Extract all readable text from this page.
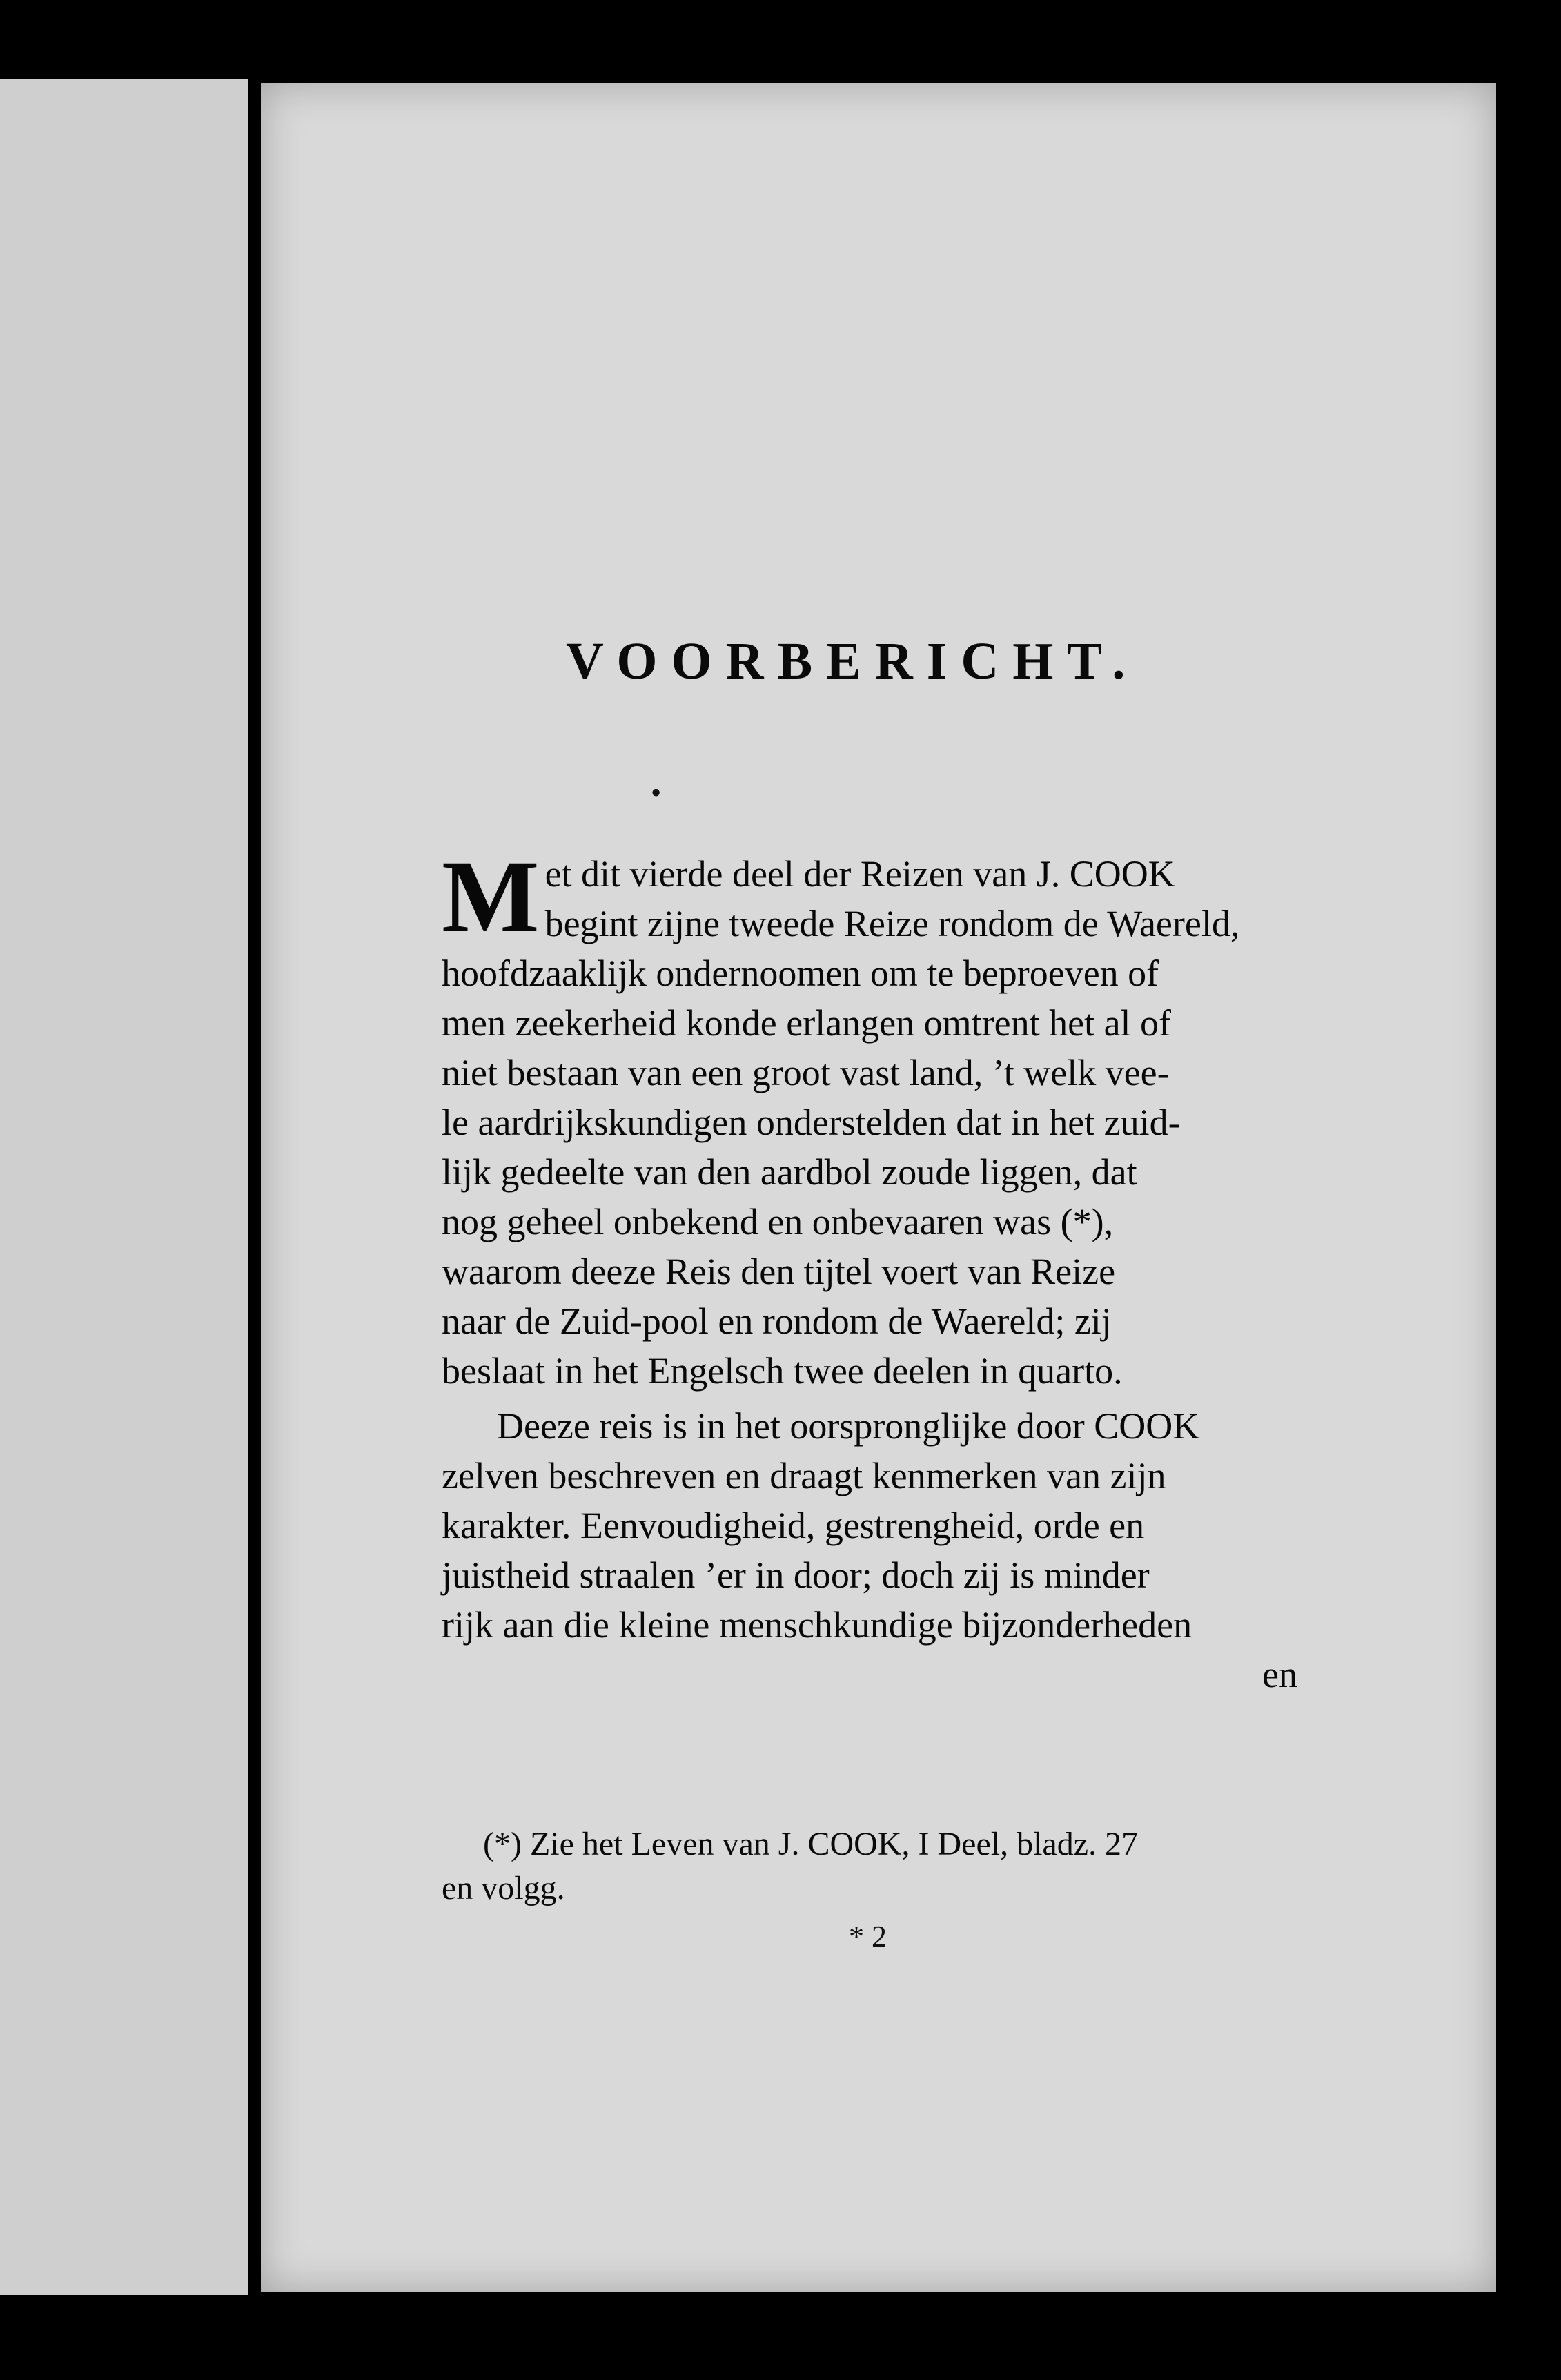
VOORBERICHT.
•

M et dit vierde deel der Reizen van J. COOK
begint zijne tweede Reize rondom de Waereld,
hoofdzaaklijk ondernoomen om te beproeven of
men zeekerheid konde erlangen omtrent het al of
niet bestaan van een groot vast land, ’t welk vee-
le aardrijkskundigen onderstelden dat in het zuid-
lijk gedeelte van den aardbol zoude liggen, dat
nog geheel onbekend en onbevaaren was (*),
waarom deeze Reis den tijtel voert van Reize
naar de Zuid-pool en rondom de Waereld; zij
beslaat in het Engelsch twee deelen in quarto.

Deeze reis is in het oorspronglijke door COOK
zelven beschreven en draagt kenmerken van zijn
karakter. Eenvoudigheid, gestrengheid, orde en
juistheid straalen ’er in door; doch zij is minder
rijk aan die kleine menschkundige bijzonderheden
en

(*) Zie het Leven van J. COOK, I Deel, bladz. 27
en volgg.
* 2
